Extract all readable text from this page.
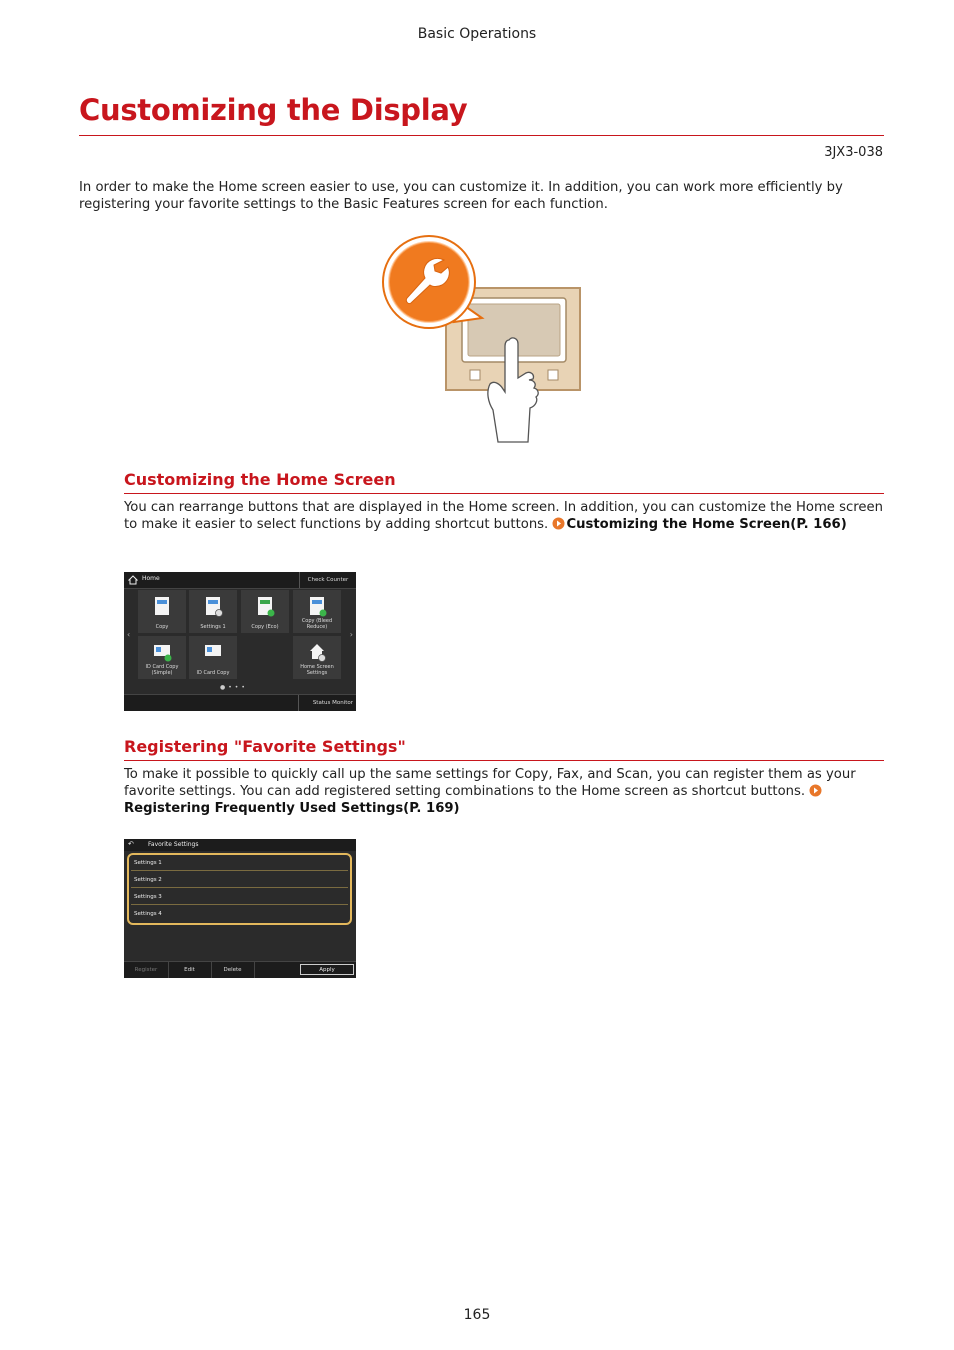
Basic Operations
Customizing the Display
3JX3-038

In order to make the Home screen easier to use, you can customize it. In addition, you can work more efficiently by registering your favorite settings to the Basic Features screen for each function.

Customizing the Home Screen

You can rearrange buttons that are displayed in the Home screen. In addition, you can customize the Home screen to make it easier to select functions by adding shortcut buttons. Customizing the Home Screen(P. 166)

Home	Check Counter
‹	›
Copy	Settings 1	Copy (Eco)
Copy (Bleed Reduce)
ID Card Copy (Simple)	ID Card Copy
Home Screen Settings
●•••
Status Monitor
Registering "Favorite Settings"

To make it possible to quickly call up the same settings for Copy, Fax, and Scan, you can register them as your favorite settings. You can add registered setting combinations to the Home screen as shortcut buttons. Registering Frequently Used Settings(P. 169)

↶ Favorite Settings
Settings 1
Settings 2
Settings 3
Settings 4
Register	Edit	Delete	Apply
165
